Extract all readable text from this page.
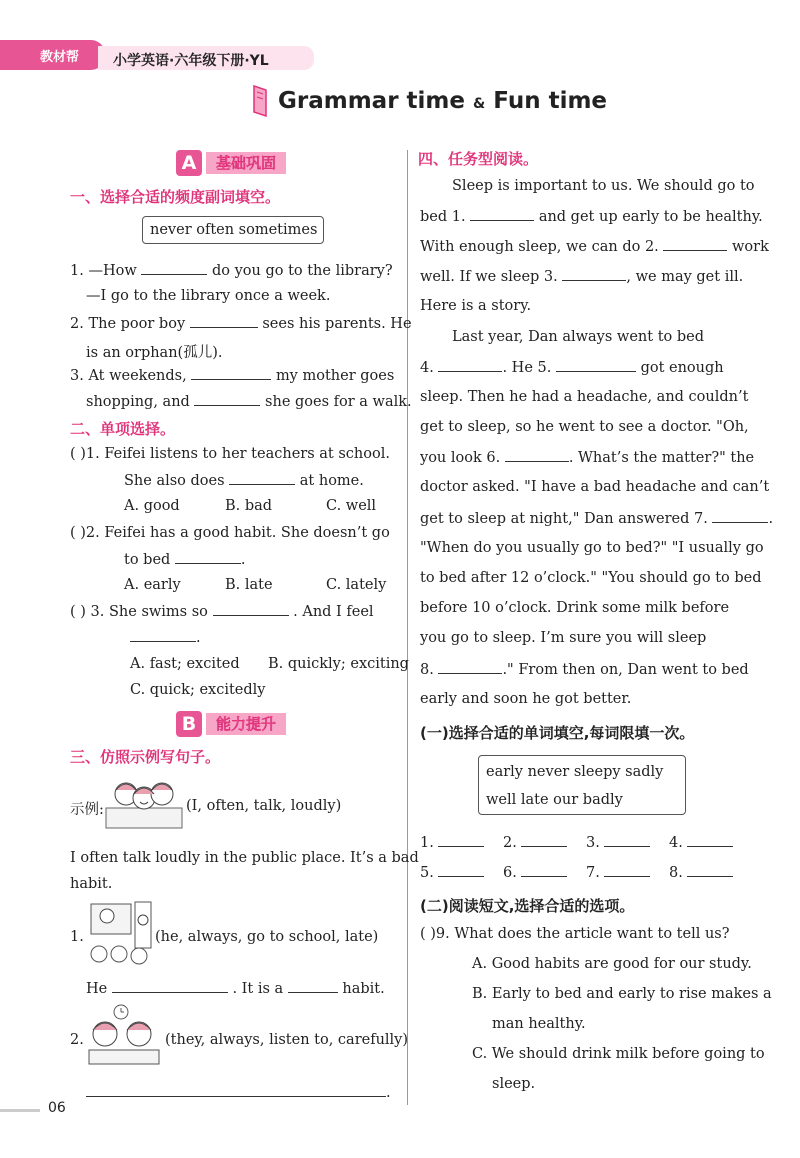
教材帮 小学英语·六年级下册·YL
Grammar time & Fun time
A	基础巩固
一、选择合适的频度副词填空。
never often sometimes
1. —How	do you go to the library?
—I go to the library once a week.
2. The poor boy	sees his parents. He
is an orphan(孤儿).
3. At weekends,	my mother goes
shopping, and	she goes for a walk.
二、单项选择。
( )1. Feifei listens to her teachers at school.
She also does	at home.
A. good	B. bad	C. well
( )2. Feifei has a good habit. She doesn’t go
to bed	.
A. early	B. late	C. lately
( ) 3. She swims so	. And I feel
.
A. fast; excited B. quickly; exciting
C. quick; excitedly
B	能力提升
三、仿照示例写句子。
示例:	(I, often, talk, loudly)
I often talk loudly in the public place. It’s a bad
habit.
1.	(he, always, go to school, late)
He	. It is a	habit.
2.	(they, always, listen to, carefully)
.
四、任务型阅读。
Sleep is important to us. We should go to
bed 1.	and get up early to be healthy.
With enough sleep, we can do 2.	work
well. If we sleep 3.	, we may get ill.
Here is a story.
Last year, Dan always went to bed
4.	. He 5.	got enough
sleep. Then he had a headache, and couldn’t
get to sleep, so he went to see a doctor. "Oh,
you look 6.	. What’s the matter?" the
doctor asked. "I have a bad headache and can’t
get to sleep at night," Dan answered 7.	.
"When do you usually go to bed?" "I usually go
to bed after 12 o’clock." "You should go to bed
before 10 o’clock. Drink some milk before
you go to sleep. I’m sure you will sleep
8.	." From then on, Dan went to bed
early and soon he got better.
(一)选择合适的单词填空,每词限填一次。
early never sleepy sadly
well late our badly
1.	2.	3.	4.
5.	6.	7.	8.
(二)阅读短文,选择合适的选项。
( )9. What does the article want to tell us?
A. Good habits are good for our study.
B. Early to bed and early to rise makes a
man healthy.
C. We should drink milk before going to
sleep.
06
